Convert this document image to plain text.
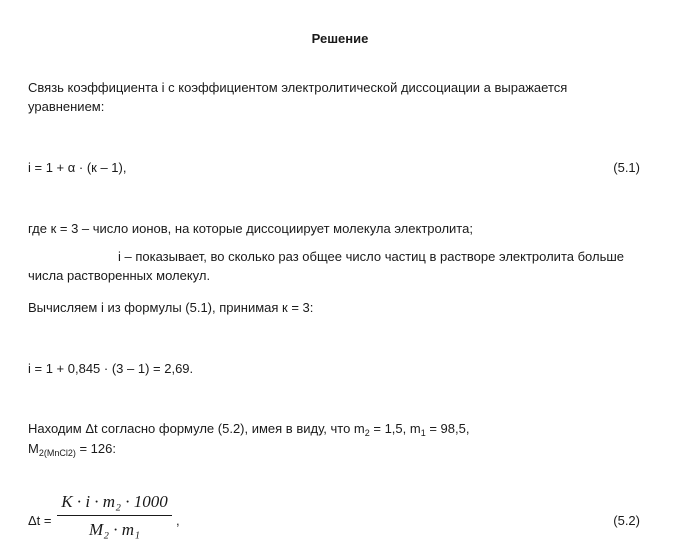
Решение
Связь коэффициента i с коэффициентом электролитической диссоциации a выражается
уравнением:
i = 1 + α · (к – 1),	(5.1)
где к = 3 – число ионов, на которые диссоциирует молекула электролита;
i – показывает, во сколько раз общее число частиц в растворе электролита больше
числа растворенных молекул.
Вычисляем i из формулы (5.1), принимая к = 3:
i = 1 + 0,845 · (3 – 1) = 2,69.
Находим Δt согласно формуле (5.2), имея в виду, что $m_2 = 1,5$, $m_1 = 98,5$,
$M_{2(MnCl2)} = 126$:
Δt =
K · i · m₂ · 1000
M₂ · m₁	,	(5.2)
